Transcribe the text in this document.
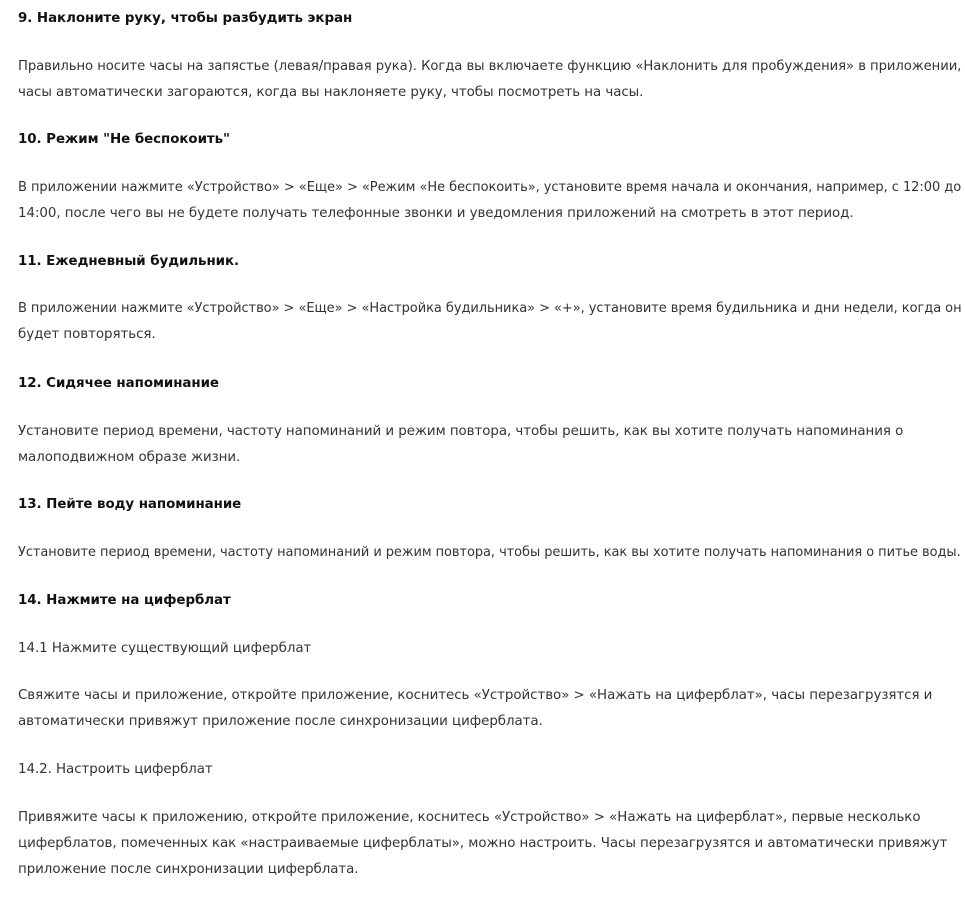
9. Наклоните руку, чтобы разбудить экран
Правильно носите часы на запястье (левая/правая рука). Когда вы включаете функцию «Наклонить для пробуждения» в приложении,
часы автоматически загораются, когда вы наклоняете руку, чтобы посмотреть на часы.
10. Режим "Не беспокоить"
В приложении нажмите «Устройство» > «Еще» > «Режим «Не беспокоить», установите время начала и окончания, например, с 12:00 до
14:00, после чего вы не будете получать телефонные звонки и уведомления приложений на смотреть в этот период.
11. Ежедневный будильник.
В приложении нажмите «Устройство» > «Еще» > «Настройка будильника» > «+», установите время будильника и дни недели, когда он
будет повторяться.
12. Сидячее напоминание
Установите период времени, частоту напоминаний и режим повтора, чтобы решить, как вы хотите получать напоминания о
малоподвижном образе жизни.
13. Пейте воду напоминание
Установите период времени, частоту напоминаний и режим повтора, чтобы решить, как вы хотите получать напоминания о питье воды.
14. Нажмите на циферблат
14.1 Нажмите существующий циферблат
Свяжите часы и приложение, откройте приложение, коснитесь «Устройство» > «Нажать на циферблат», часы перезагрузятся и
автоматически привяжут приложение после синхронизации циферблата.
14.2. Настроить циферблат
Привяжите часы к приложению, откройте приложение, коснитесь «Устройство» > «Нажать на циферблат», первые несколько
циферблатов, помеченных как «настраиваемые циферблаты», можно настроить. Часы перезагрузятся и автоматически привяжут
приложение после синхронизации циферблата.
